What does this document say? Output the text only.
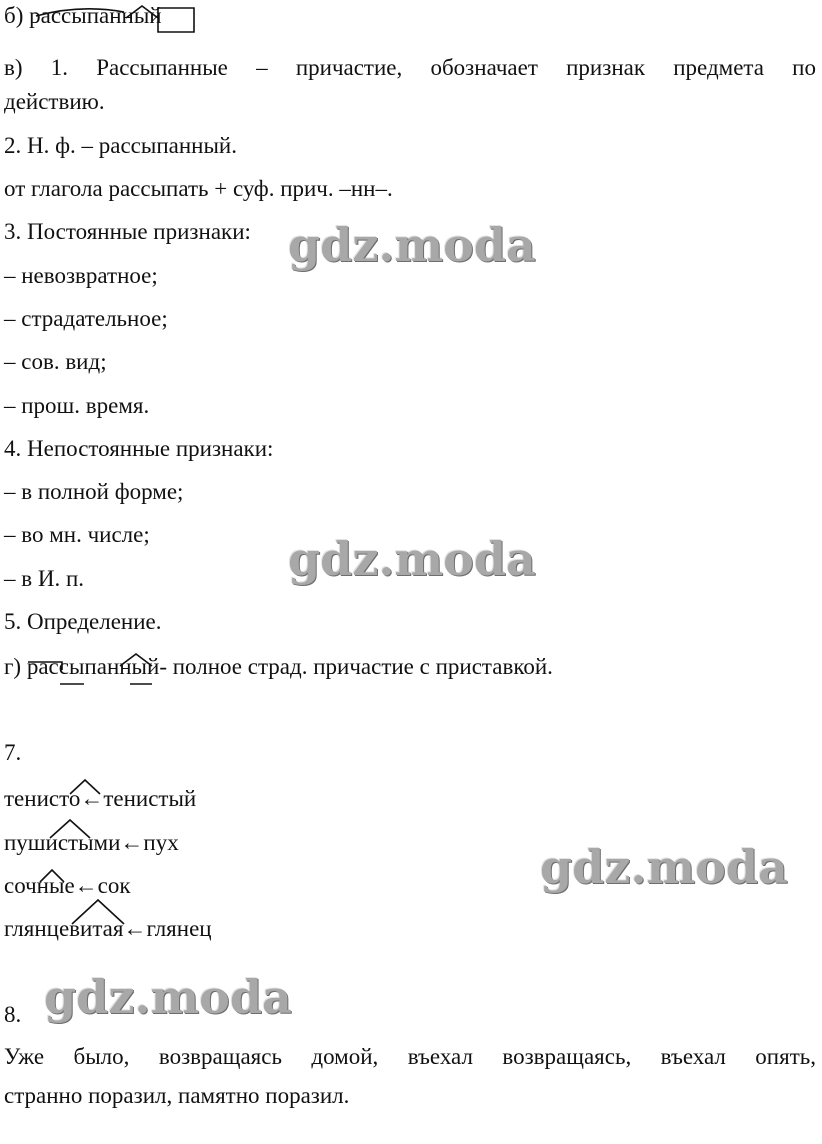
б) рассыпанный
в) 1. Рассыпанные – причастие, обозначает признак предмета по
действию.
2. Н. ф. – рассыпанный.
от глагола рассыпать + суф. прич. –нн–.
3. Постоянные признаки:
– невозвратное;
– страдательное;
– сов. вид;
– прош. время.
4. Непостоянные признаки:
– в полной форме;
– во мн. числе;
– в И. п.
5. Определение.
г) рассыпанный- полное страд. причастие с приставкой.
7.
тенисто←тенистый
пушистыми←пух
сочные←сок
глянцевитая←глянец
8.
Уже было, возвращаясь домой, въехал возвращаясь, въехал опять,
странно поразил, памятно поразил.
gdz.moda
gdz.moda
gdz.moda
gdz.moda
